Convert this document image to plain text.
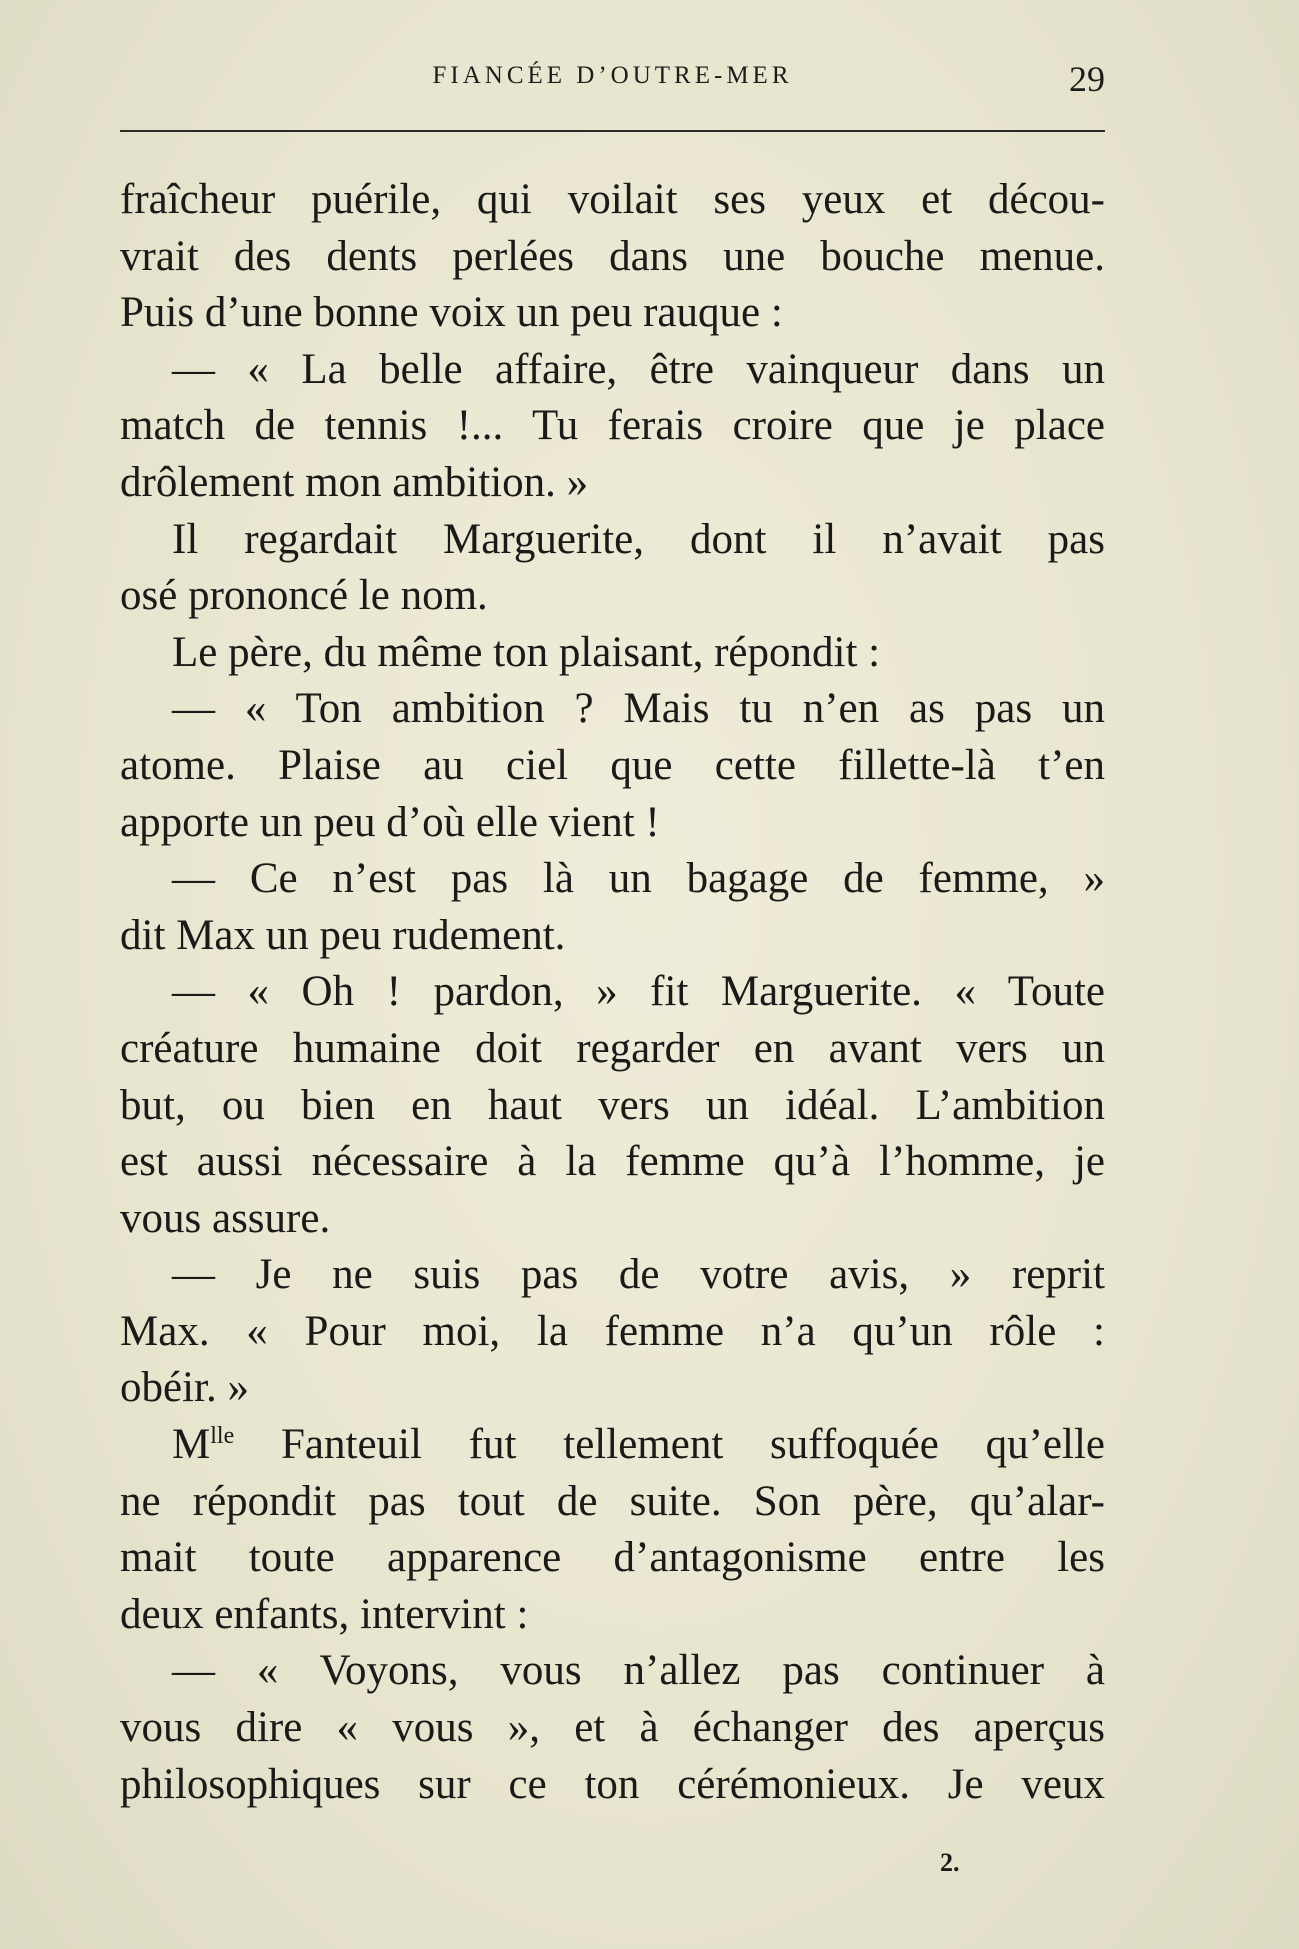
FIANCÉE D’OUTRE-MER	29
fraîcheur puérile, qui voilait ses yeux et décou-
vrait des dents perlées dans une bouche menue.
Puis d’une bonne voix un peu rauque :
— « La belle affaire, être vainqueur dans un
match de tennis !... Tu ferais croire que je place
drôlement mon ambition. »
Il regardait Marguerite, dont il n’avait pas
osé prononcé le nom.
Le père, du même ton plaisant, répondit :
— « Ton ambition ? Mais tu n’en as pas un
atome. Plaise au ciel que cette fillette-là t’en
apporte un peu d’où elle vient !
— Ce n’est pas là un bagage de femme, »
dit Max un peu rudement.
— « Oh ! pardon, » fit Marguerite. « Toute
créature humaine doit regarder en avant vers un
but, ou bien en haut vers un idéal. L’ambition
est aussi nécessaire à la femme qu’à l’homme, je
vous assure.
— Je ne suis pas de votre avis, » reprit
Max. « Pour moi, la femme n’a qu’un rôle :
obéir. »
$M^{lle}$ Fanteuil fut tellement suffoquée qu’elle
ne répondit pas tout de suite. Son père, qu’alar-
mait toute apparence d’antagonisme entre les
deux enfants, intervint :
— « Voyons, vous n’allez pas continuer à
vous dire « vous », et à échanger des aperçus
philosophiques sur ce ton cérémonieux. Je veux
2.
